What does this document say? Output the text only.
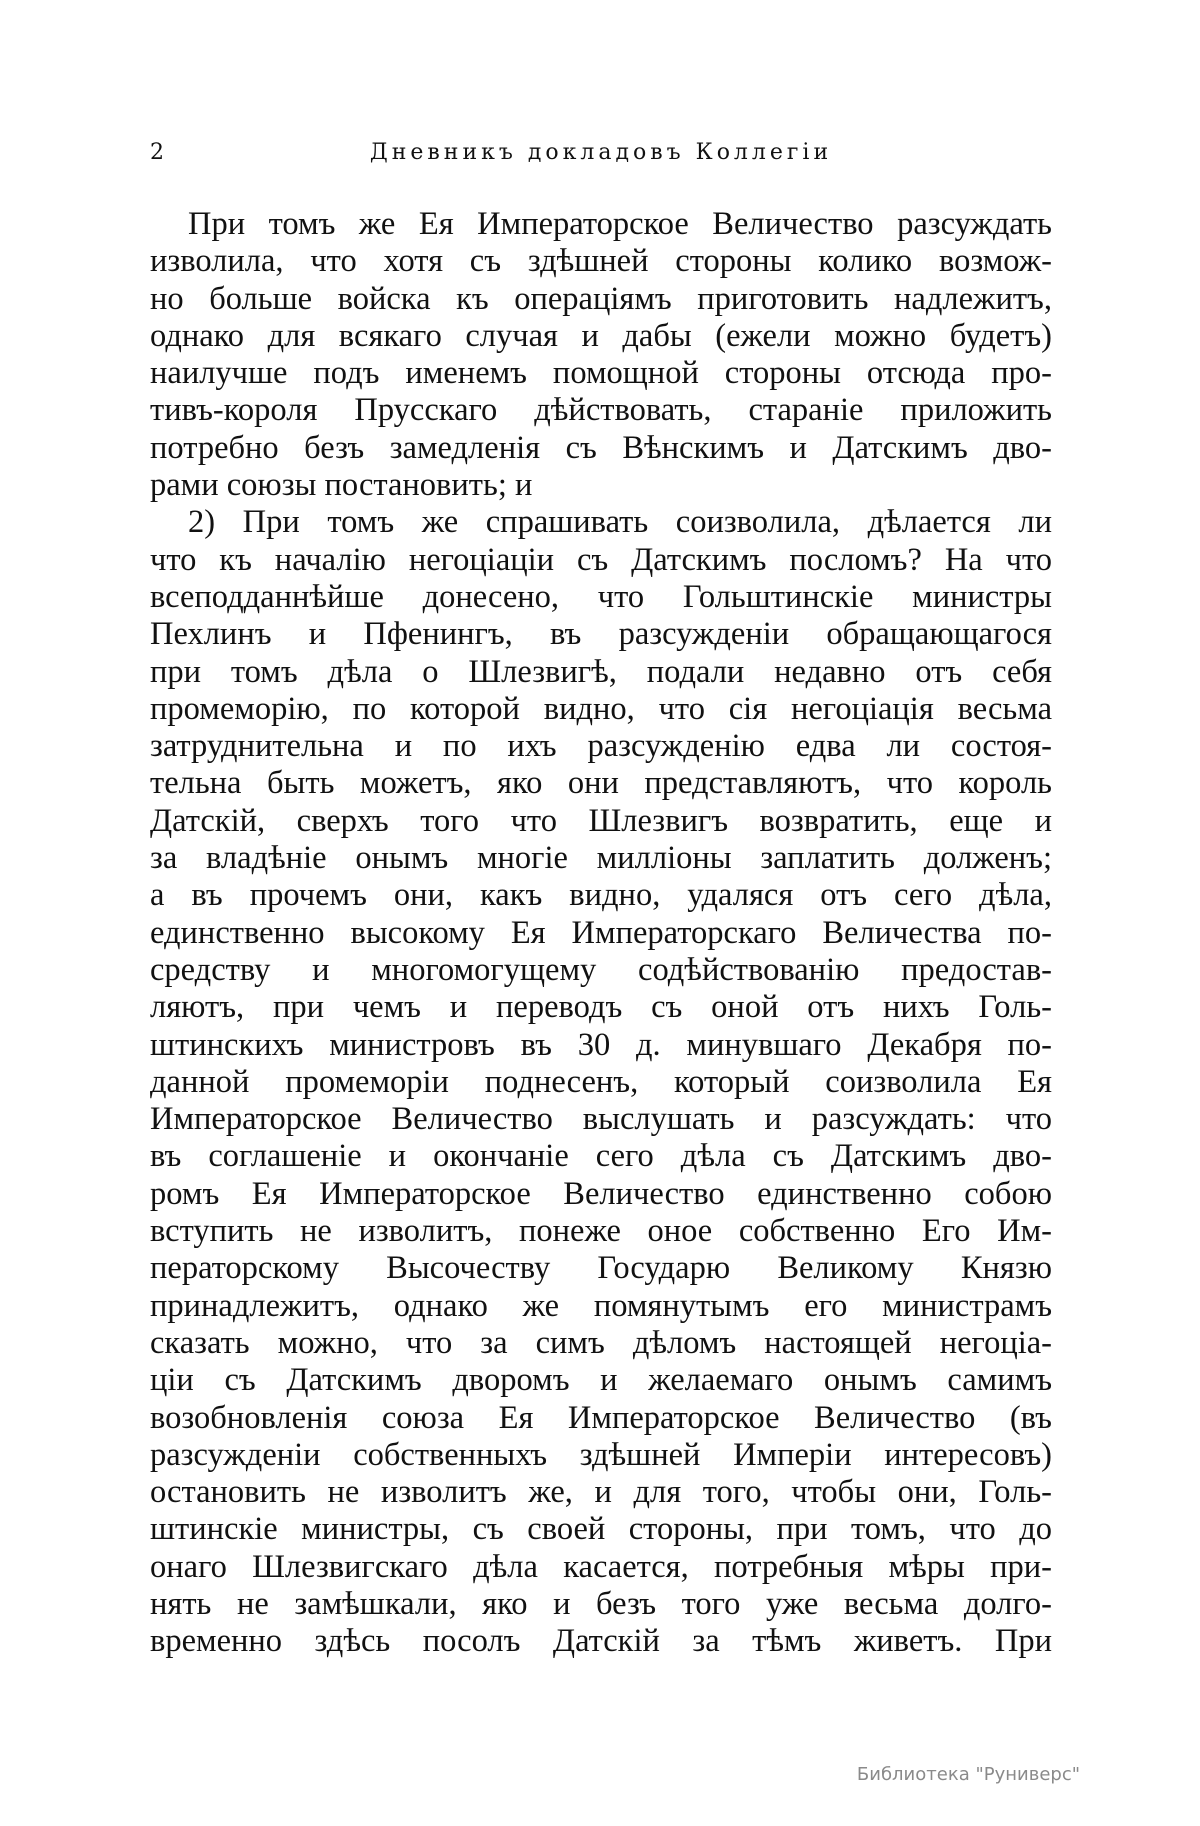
2	Дневникъ докладовъ Коллегіи
При томъ же Ея Императорское Величество разсуждать
изволила, что хотя съ здѣшней стороны колико возмож-
но больше войска къ операціямъ приготовить надлежитъ,
однако для всякаго случая и дабы (ежели можно будетъ)
наилучше подъ именемъ помощной стороны отсюда про-
тивъ-короля Прусскаго дѣйствовать, стараніе приложить
потребно безъ замедленія съ Вѣнскимъ и Датскимъ дво-
рами союзы постановить; и
2) При томъ же спрашивать соизволила, дѣлается ли
что къ началію негоціаціи съ Датскимъ посломъ? На что
всеподданнѣйше донесено, что Гольштинскіе министры
Пехлинъ и Пфенингъ, въ разсужденіи обращающагося
при томъ дѣла о Шлезвигѣ, подали недавно отъ себя
промеморію, по которой видно, что сія негоціація весьма
затруднительна и по ихъ разсужденію едва ли состоя-
тельна быть можетъ, яко они представляютъ, что король
Датскій, сверхъ того что Шлезвигъ возвратить, еще и
за владѣніе онымъ многіе милліоны заплатить долженъ;
а въ прочемъ они, какъ видно, удаляся отъ сего дѣла,
единственно высокому Ея Императорскаго Величества по-
средству и многомогущему содѣйствованію предостав-
ляютъ, при чемъ и переводъ съ оной отъ нихъ Голь-
штинскихъ министровъ въ 30 д. минувшаго Декабря по-
данной промеморіи поднесенъ, который соизволила Ея
Императорское Величество выслушать и разсуждать: что
въ соглашеніе и окончаніе сего дѣла съ Датскимъ дво-
ромъ Ея Императорское Величество единственно собою
вступить не изволитъ, понеже оное собственно Его Им-
ператорскому Высочеству Государю Великому Князю
принадлежитъ, однако же помянутымъ его министрамъ
сказать можно, что за симъ дѣломъ настоящей негоціа-
ціи съ Датскимъ дворомъ и желаемаго онымъ самимъ
возобновленія союза Ея Императорское Величество (въ
разсужденіи собственныхъ здѣшней Имперіи интересовъ)
остановить не изволитъ же, и для того, чтобы они, Голь-
штинскіе министры, съ своей стороны, при томъ, что до
онаго Шлезвигскаго дѣла касается, потребныя мѣры при-
нять не замѣшкали, яко и безъ того уже весьма долго-
временно здѣсь посолъ Датскій за тѣмъ живетъ. При
Библиотека "Руниверс"
